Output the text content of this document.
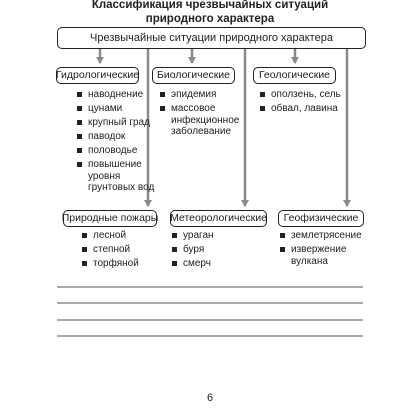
Классификация чрезвычайных ситуаций
природного характера
Чрезвычайные ситуации природного характера
Гидрологические	Биологические	Геологические
Природные пожары Метеорологические	Геофизические
наводнение
цунами
крупный град
паводок
половодье
повышение уровня грунтовых вод
эпидемия
массовое инфекционное заболевание
оползень, сель
обвал, лавина
лесной
степной
торфяной
ураган
буря
смерч
землетрясение
извержение вулкана
6
